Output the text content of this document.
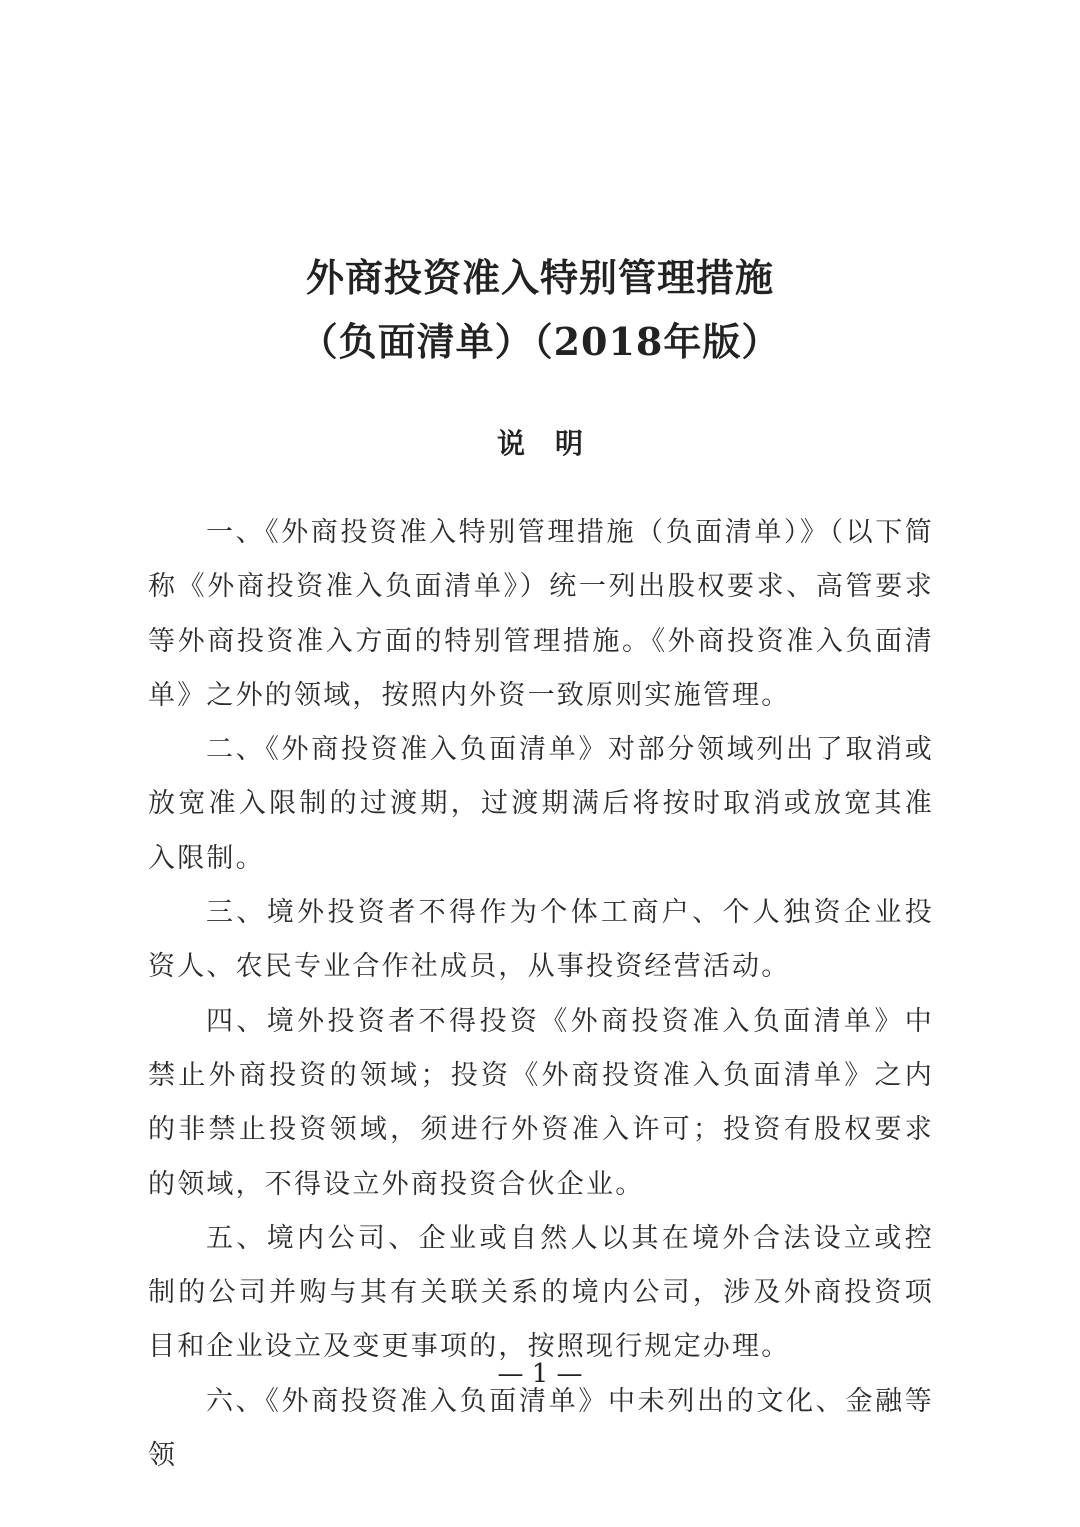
外商投资准入特别管理措施
（负面清单）（2018年版）
说明

一、《外商投资准入特别管理措施（负面清单）》（以下简称《外商投资准入负面清单》）统一列出股权要求、高管要求等外商投资准入方面的特别管理措施。《外商投资准入负面清单》之外的领域，按照内外资一致原则实施管理。

二、《外商投资准入负面清单》对部分领域列出了取消或放宽准入限制的过渡期，过渡期满后将按时取消或放宽其准入限制。

三、境外投资者不得作为个体工商户、个人独资企业投资人、农民专业合作社成员，从事投资经营活动。

四、境外投资者不得投资《外商投资准入负面清单》中禁止外商投资的领域；投资《外商投资准入负面清单》之内的非禁止投资领域，须进行外资准入许可；投资有股权要求的领域，不得设立外商投资合伙企业。

五、境内公司、企业或自然人以其在境外合法设立或控制的公司并购与其有关联关系的境内公司，涉及外商投资项目和企业设立及变更事项的，按照现行规定办理。

六、《外商投资准入负面清单》中未列出的文化、金融等领

— 1 —
